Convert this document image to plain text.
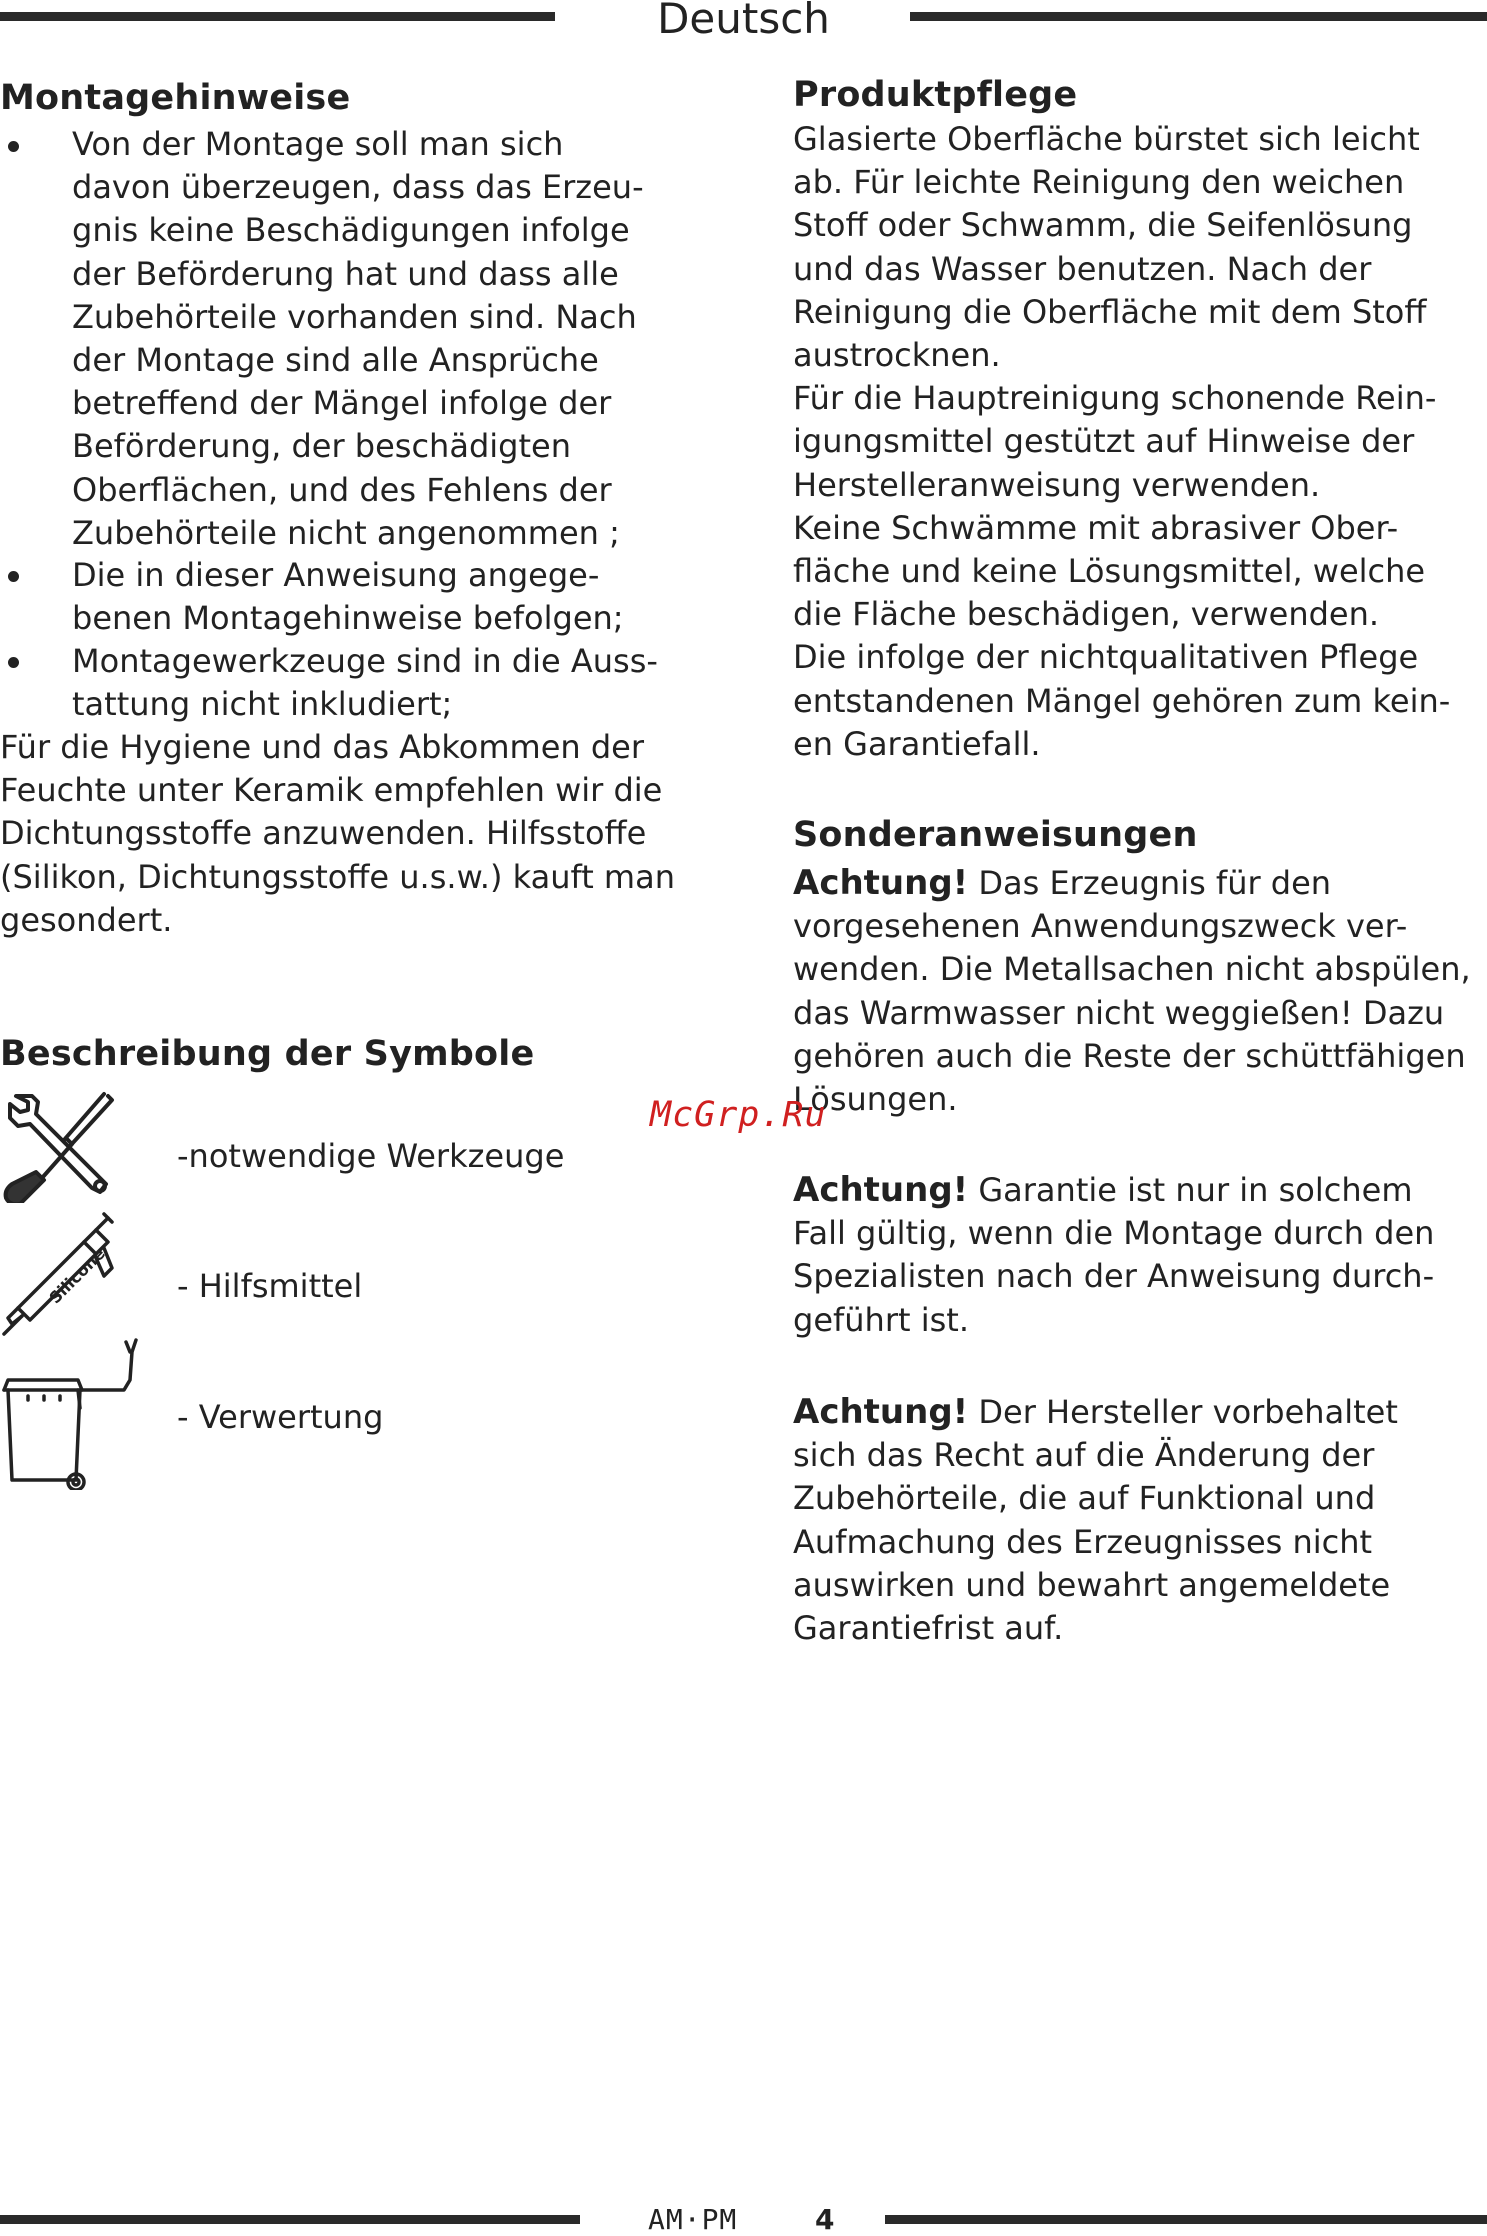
Deutsch
Montagehinweise
Von der Montage soll man sich
davon überzeugen, dass das Erzeu-
gnis keine Beschädigungen infolge
der Beförderung hat und dass alle
Zubehörteile vorhanden sind. Nach
der Montage sind alle Ansprüche
betreffend der Mängel infolge der
Beförderung, der beschädigten
Oberflächen, und des Fehlens der
Zubehörteile nicht angenommen ;
Die in dieser Anweisung angege-
benen Montagehinweise befolgen;
Montagewerkzeuge sind in die Auss-
tattung nicht inkludiert;
Für die Hygiene und das Abkommen der
Feuchte unter Keramik empfehlen wir die
Dichtungsstoffe anzuwenden. Hilfsstoffe
(Silikon, Dichtungsstoffe u.s.w.) kauft man
gesondert.
Beschreibung der Symbole
-notwendige Werkzeuge
Silicone - Hilfsmittel
- Verwertung
Produktpflege
Glasierte Oberfläche bürstet sich leicht
ab. Für leichte Reinigung den weichen
Stoff oder Schwamm, die Seifenlösung
und das Wasser benutzen. Nach der
Reinigung die Oberfläche mit dem Stoff
austrocknen.
Für die Hauptreinigung schonende Rein-
igungsmittel gestützt auf Hinweise der
Herstelleranweisung verwenden.
Keine Schwämme mit abrasiver Ober-
fläche und keine Lösungsmittel, welche
die Fläche beschädigen, verwenden.
Die infolge der nichtqualitativen Pflege
entstandenen Mängel gehören zum kein-
en Garantiefall.
Sonderanweisungen
Achtung! Das Erzeugnis für den
vorgesehenen Anwendungszweck ver-
wenden. Die Metallsachen nicht abspülen,
das Warmwasser nicht weggießen! Dazu
gehören auch die Reste der schüttfähigen
Lösungen.
Achtung! Garantie ist nur in solchem
Fall gültig, wenn die Montage durch den
Spezialisten nach der Anweisung durch-
geführt ist.
Achtung! Der Hersteller vorbehaltet
sich das Recht auf die Änderung der
Zubehörteile, die auf Funktional und
Aufmachung des Erzeugnisses nicht
auswirken und bewahrt angemeldete
Garantiefrist auf.
McGrp.Ru
AM·PM	4
